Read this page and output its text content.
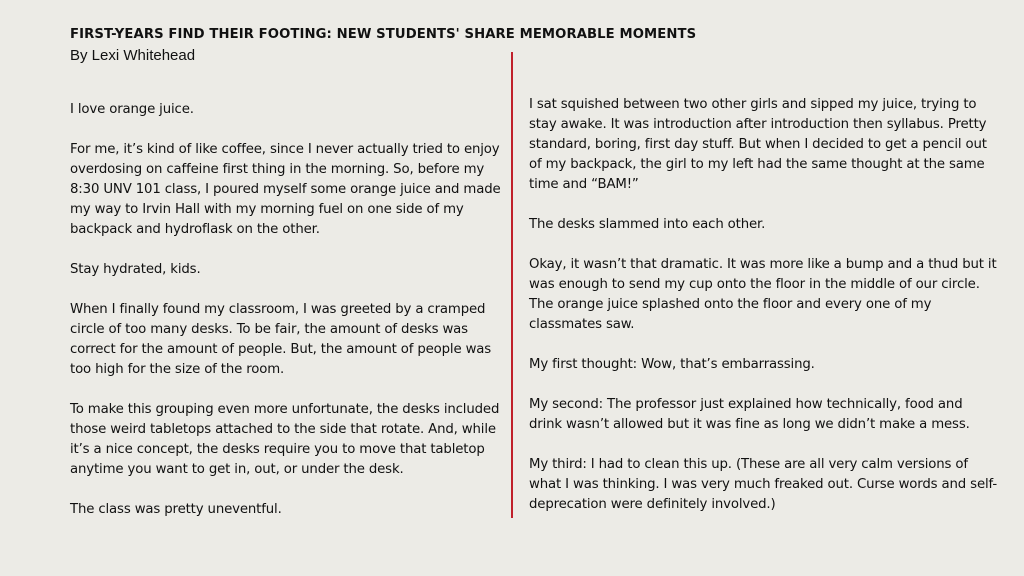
FIRST-YEARS FIND THEIR FOOTING: NEW STUDENTS' SHARE MEMORABLE MOMENTS
By Lexi Whitehead

I love orange juice.

For me, it’s kind of like coffee, since I never actually tried to enjoy overdosing on caffeine first thing in the morning. So, before my 8:30 UNV 101 class, I poured myself some orange juice and made my way to Irvin Hall with my morning fuel on one side of my backpack and hydroflask on the other.

Stay hydrated, kids.

When I finally found my classroom, I was greeted by a cramped circle of too many desks. To be fair, the amount of desks was correct for the amount of people. But, the amount of people was too high for the size of the room.

To make this grouping even more unfortunate, the desks included those weird tabletops attached to the side that rotate. And, while it’s a nice concept, the desks require you to move that tabletop anytime you want to get in, out, or under the desk.

The class was pretty uneventful.

I sat squished between two other girls and sipped my juice, trying to stay awake. It was introduction after introduction then syllabus. Pretty standard, boring, first day stuff. But when I decided to get a pencil out of my backpack, the girl to my left had the same thought at the same time and “BAM!”

The desks slammed into each other.

Okay, it wasn’t that dramatic. It was more like a bump and a thud but it was enough to send my cup onto the floor in the middle of our circle. The orange juice splashed onto the floor and every one of my classmates saw.

My first thought: Wow, that’s embarrassing.

My second: The professor just explained how technically, food and drink wasn’t allowed but it was fine as long we didn’t make a mess.

My third: I had to clean this up. (These are all very calm versions of what I was thinking. I was very much freaked out. Curse words and self-deprecation were definitely involved.)
